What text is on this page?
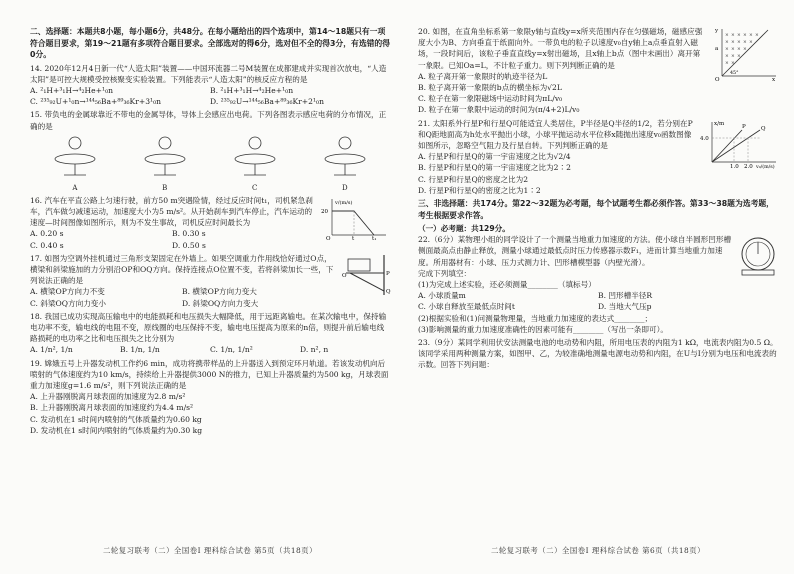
二、选择题：本题共8小题，每小题6分，共48分。在每小题给出的四个选项中，第14～18题只有一项符合题目要求，第19～21题有多项符合题目要求。全部选对的得6分，选对但不全的得3分，有选错的得0分。
14. 2020年12月4日新一代“人造太阳”装置——中国环流器二号M装置在成都建成并实现首次放电，“人造太阳”是可控大规模受控核聚变实验装置。下列能表示“人造太阳”的核反应方程的是
A. ²₁H+³₁H→⁴₂He+¹₀n	B. ²₁H+³₁H→⁴₂He+¹₀n
C. ²³⁵₉₂U+¹₀n→¹⁴⁴₅₆Ba+⁸⁹₃₆Kr+3¹₀n	D. ²³⁵₉₂U→¹⁴⁴₅₆Ba+⁸⁹₃₆Kr+2¹₀n
15. 带负电的金属球靠近不带电的金属导体，导体上会感应出电荷。下列各图表示感应电荷的分布情况，正确的是
A	B	C	D
20
O	t	t₁
v/(m/s)
16. 汽车在平直公路上匀速行驶，前方50 m突遇险情，经过反应时间t₁，司机紧急刹车，汽车做匀减速运动，加速度大小为5 m/s²。从开始刹车到汽车停止，汽车运动的速度—时间图像如图所示，则为不发生事故，司机反应时间最长为
A. 0.20 s	B. 0.30 s
C. 0.40 s	D. 0.50 s
O	P
Q
17. 如图为空调外挂机通过三角形支架固定在外墙上。如果空调重力作用线恰好通过O点，横梁和斜梁施加的力分别沿OP和OQ方向。保持连接点O位置不变，若将斜梁加长一些，下列说法正确的是
A. 横梁OP方向力不变	B. 横梁OP方向力变大
C. 斜梁OQ方向力变小	D. 斜梁OQ方向力变大
18. 我国已成功实现高压输电中的电能损耗和电压损失大幅降低，用于远距离输电。在某次输电中，保持输电功率不变，输电线的电阻不变，原线圈的电压保持不变，输电电压提高为原来的n倍，则提升前后输电线路损耗的电功率之比和电压损失之比分别为
A. 1/n², 1/n	B. 1/n, 1/n	C. 1/n, 1/n²	D. n², n
19. 嫦娥五号上升器发动机工作约6 min，成功将携带样品的上升器送入到预定环月轨道。若该发动机向后喷射的气体速度约为10 km/s，持续给上升器提供3000 N的推力，已知上升器质量约为500 kg，月球表面重力加速度g=1.6 m/s²，则下列说法正确的是
A. 上升器刚脱离月球表面的加速度为2.8 m/s²
B. 上升器刚脱离月球表面的加速度约为4.4 m/s²
C. 发动机在1 s时间内喷射的气体质量约为0.60 kg
D. 发动机在1 s时间内喷射的气体质量约为0.30 kg
二轮复习联考（二）全国卷Ⅰ 理科综合试卷 第5页（共18页）
× × × × × ×
× × × × ×
× × × ×
× × ×
× ×
y
a
O
45°
x
20. 如图，在直角坐标系第一象限y轴与直线y=x所夹范围内存在匀强磁场，磁感应强度大小为B、方向垂直于纸面向外。一带负电的粒子以速度v₀自y轴上a点垂直射入磁场，一段时间后，该粒子垂直直线y=x射出磁场，且x轴上b点（图中未画出）离开第一象限。已知Oa=L，不计粒子重力。则下列判断正确的是
A. 粒子离开第一象限时的轨迹半径为L
B. 粒子离开第一象限的b点的横坐标为√2L
C. 粒子在第一象限磁场中运动时间为πL/v₀
D. 粒子在第一象限中运动的时间为(π/4+2)L/v₀
x/m
4.0
1.0 2.0 v₀/(m/s)
P	Q
21. 太阳系外行星P和行星Q可能适宜人类居住，P半径是Q半径的1/2，若分别在P和Q距地面高为h处水平抛出小球，小球平抛运动水平位移x随抛出速度v₀函数图像如图所示，忽略空气阻力及行星自转。下列判断正确的是
A. 行星P和行星Q的第一宇宙速度之比为√2/4
B. 行星P和行星Q的第一宇宙速度之比为2∶2
C. 行星P和行星Q的密度之比为2
D. 行星P和行星Q的密度之比为1∶2
三、非选择题：共174分。第22～32题为必考题，每个试题考生都必须作答。第33～38题为选考题，考生根据要求作答。
（一）必考题：共129分。
22.（6分）某物理小组的同学设计了一个测量当地重力加速度的方法。使小球自半圆形凹形槽侧面最高点由静止释放，测量小球通过最低点时压力传感器示数F₁，进而计算当地重力加速度。所用器材有：小球、压力式测力计、凹形槽模型器（内壁光滑）。
完成下列填空：
(1)为完成上述实验，还必须测量________（填标号）
A. 小球质量m	B. 凹形槽半径R
C. 小球自释放至最低点时间t	D. 当地大气压p
(2)根据实验和(1)问测量物理量，当地重力加速度的表达式________；
(3)影响测量的重力加速度准确性的因素可能有________（写出一条即可）。
23.（9分）某同学利用伏安法测量电池的电动势和内阻，所用电压表的内阻为1 kΩ，电流表内阻为0.5 Ω。该同学采用两种测量方案，如图甲、乙，为较准确地测量电源电动势和内阻，在U与I分别为电压和电流表的示数。回答下列问题：
二轮复习联考（二）全国卷Ⅰ 理科综合试卷 第6页（共18页）
